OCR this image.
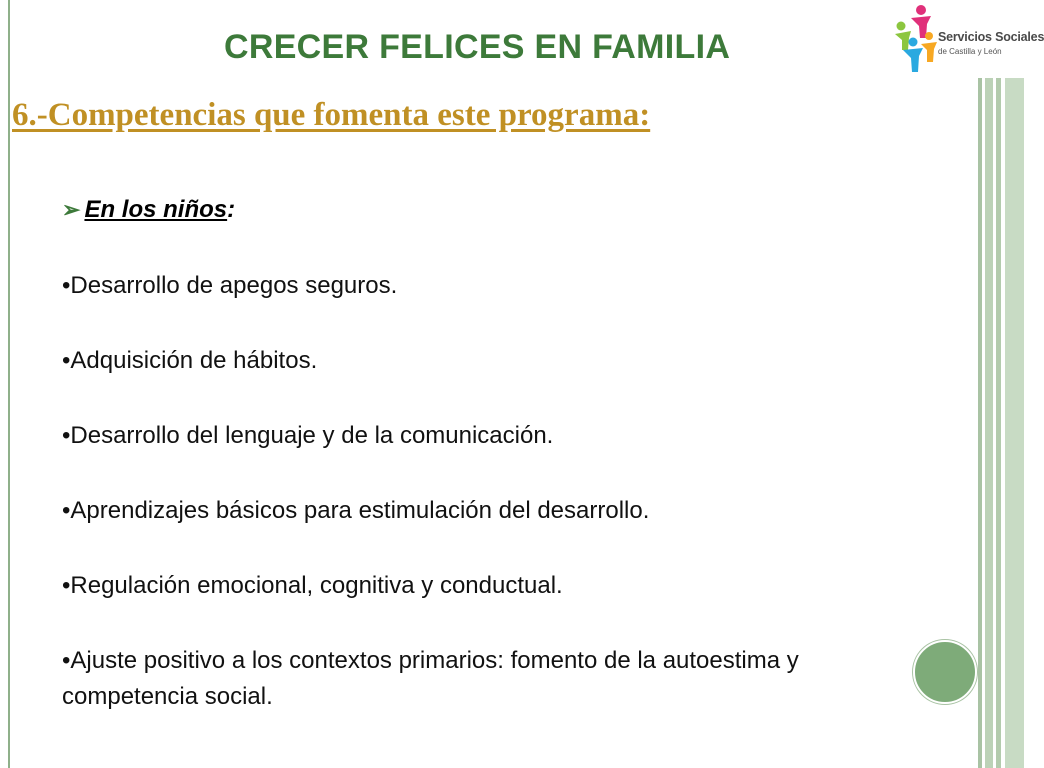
Servicios Sociales
de Castilla y León
CRECER FELICES EN FAMILIA
6.-Competencias que fomenta este programa:
➢ En los niños :
•Desarrollo de apegos seguros.
•Adquisición de hábitos.
•Desarrollo del lenguaje y de la comunicación.
•Aprendizajes básicos para estimulación del desarrollo.
•Regulación emocional, cognitiva y conductual.
•Ajuste positivo a los contextos primarios: fomento de la autoestima y competencia social.
